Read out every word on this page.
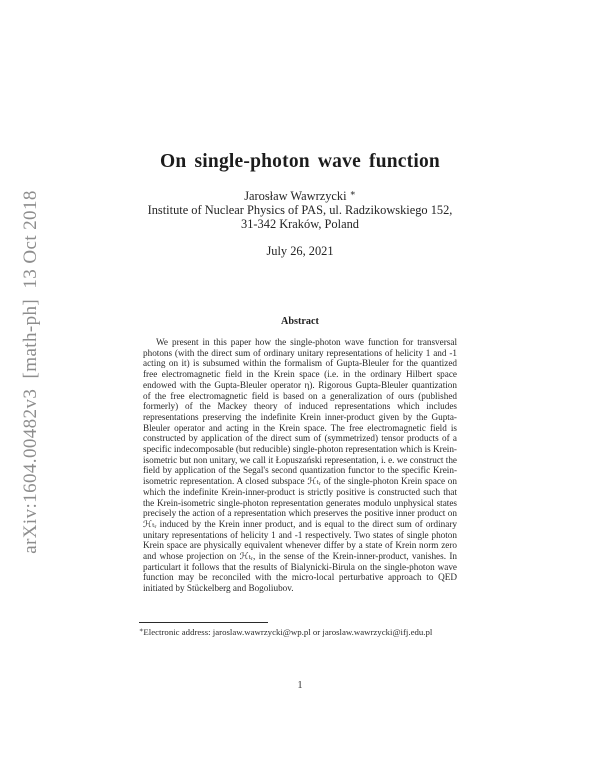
arXiv:1604.00482v3  [math-ph]  13 Oct 2018
On single-photon wave function
Jarosław Wawrzycki ∗
Institute of Nuclear Physics of PAS, ul. Radzikowskiego 152,
31-342 Kraków, Poland
July 26, 2021
Abstract

We present in this paper how the single-photon wave function for transversal photons (with the direct sum of ordinary unitary representations of helicity 1 and -1 acting on it) is subsumed within the formalism of Gupta-Bleuler for the quantized free electromagnetic field in the Krein space (i.e. in the ordinary Hilbert space endowed with the Gupta-Bleuler operator η). Rigorous Gupta-Bleuler quantization of the free electromagnetic field is based on a generalization of ours (published formerly) of the Mackey theory of induced representations which includes representations preserving the indefinite Krein inner-product given by the Gupta-Bleuler operator and acting in the Krein space. The free electromagnetic field is constructed by application of the direct sum of (symmetrized) tensor products of a specific indecomposable (but reducible) single-photon representation which is Krein-isometric but non unitary, we call it Łopuszański representation, i. e. we construct the field by application of the Segal's second quantization functor to the specific Krein-isometric representation. A closed subspace ℋₜᵣ of the single-photon Krein space on which the indefinite Krein-inner-product is strictly positive is constructed such that the Krein-isometric single-photon representation generates modulo unphysical states precisely the action of a representation which preserves the positive inner product on ℋₜᵣ induced by the Krein inner product, and is equal to the direct sum of ordinary unitary representations of helicity 1 and -1 respectively. Two states of single photon Krein space are physically equivalent whenever differ by a state of Krein norm zero and whose projection on ℋₜᵣ, in the sense of the Krein-inner-product, vanishes. In particulart it follows that the results of Bialynicki-Birula on the single-photon wave function may be reconciled with the micro-local perturbative approach to QED initiated by Stückelberg and Bogoliubov.

∗Electronic address: jaroslaw.wawrzycki@wp.pl or jaroslaw.wawrzycki@ifj.edu.pl
1
